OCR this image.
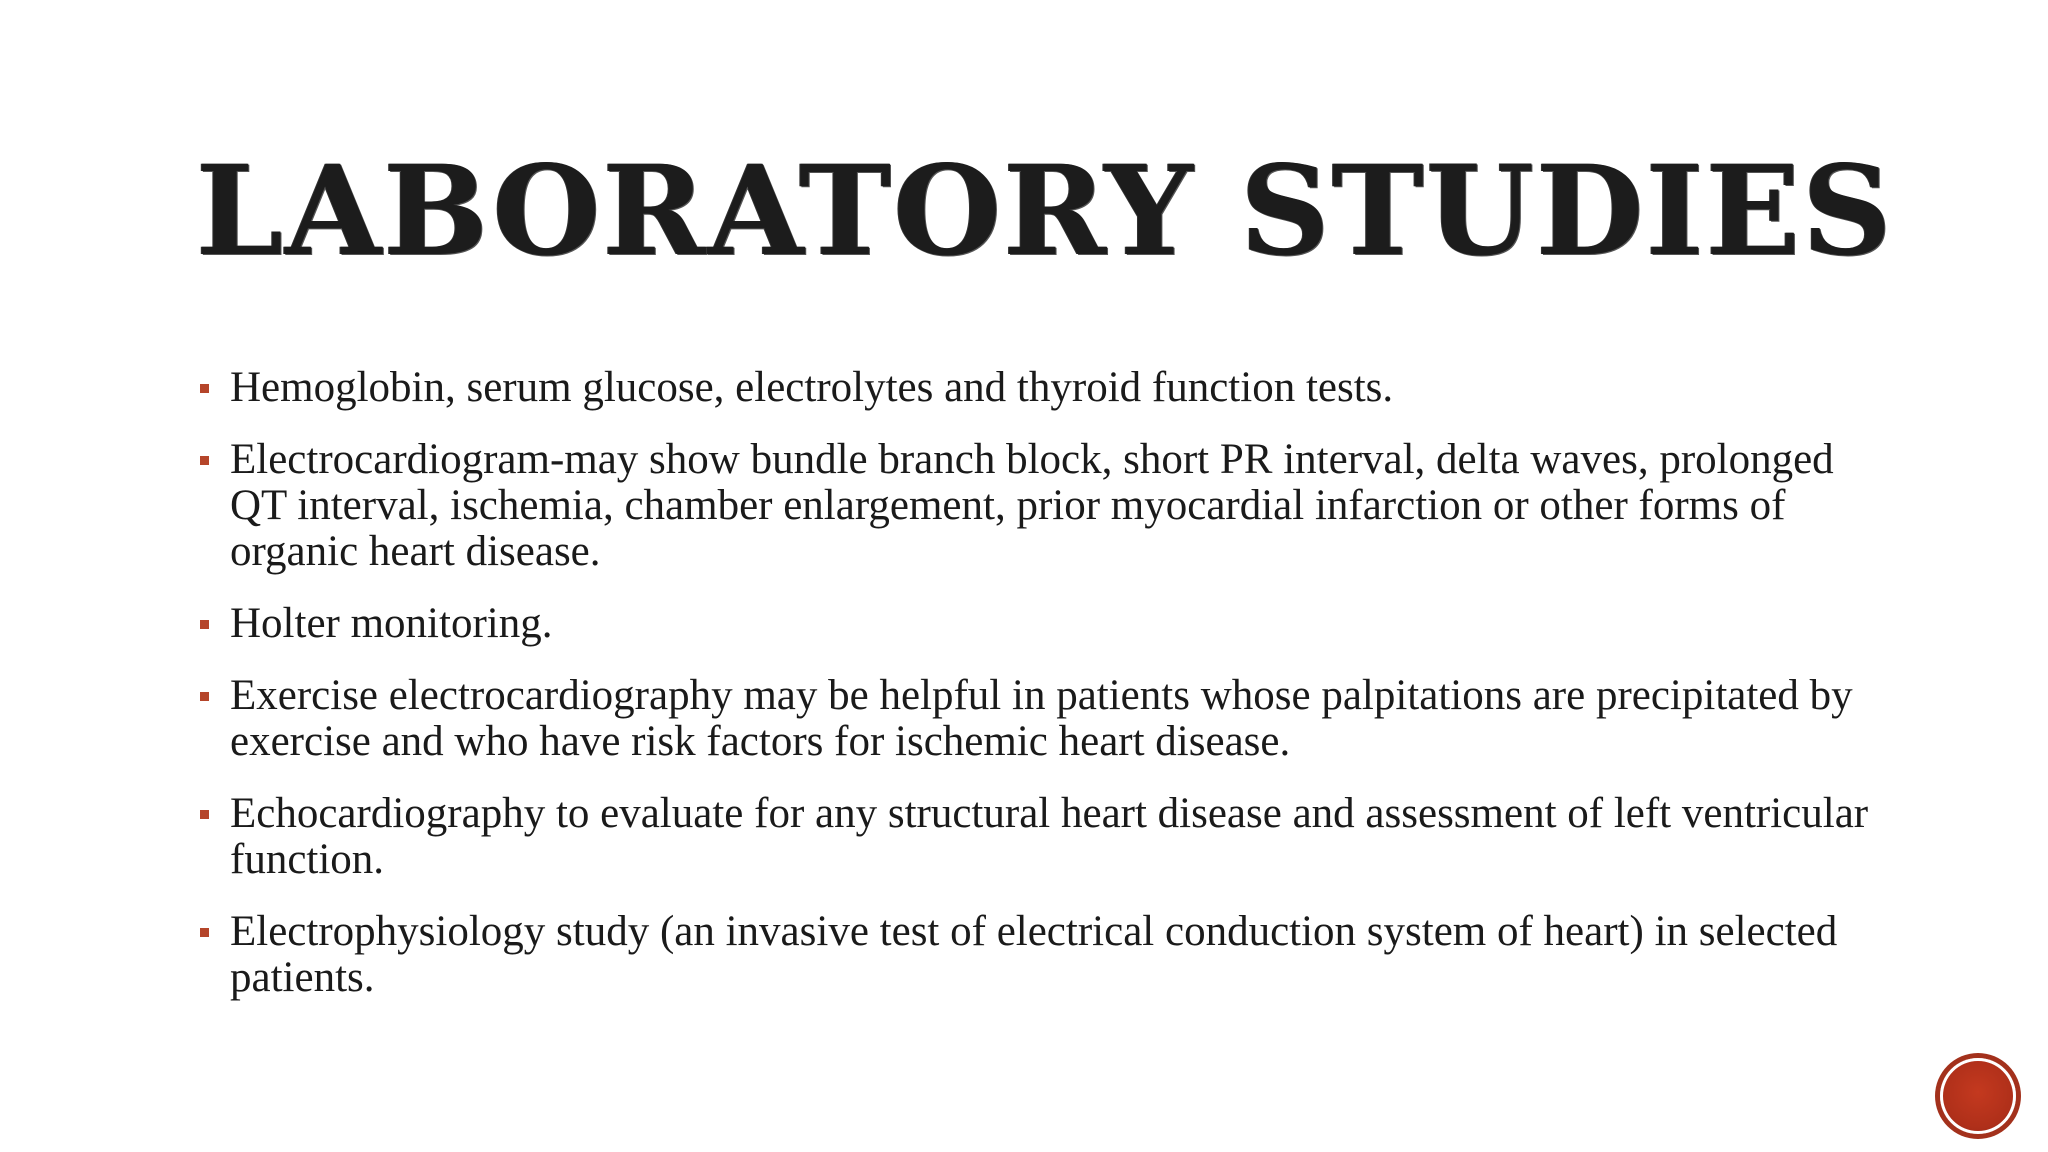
LABORATORY STUDIES
Hemoglobin, serum glucose, electrolytes and thyroid function tests.
Electrocardiogram-may show bundle branch block, short PR interval, delta waves, prolonged QT interval, ischemia, chamber enlargement, prior myocardial infarction or other forms of organic heart disease.
Holter monitoring.
Exercise electrocardiography may be helpful in patients whose palpitations are precipitated by exercise and who have risk factors for ischemic heart disease.
Echocardiography to evaluate for any structural heart disease and assessment of left ventricular function.
Electrophysiology study (an invasive test of electrical conduction system of heart) in selected patients.
